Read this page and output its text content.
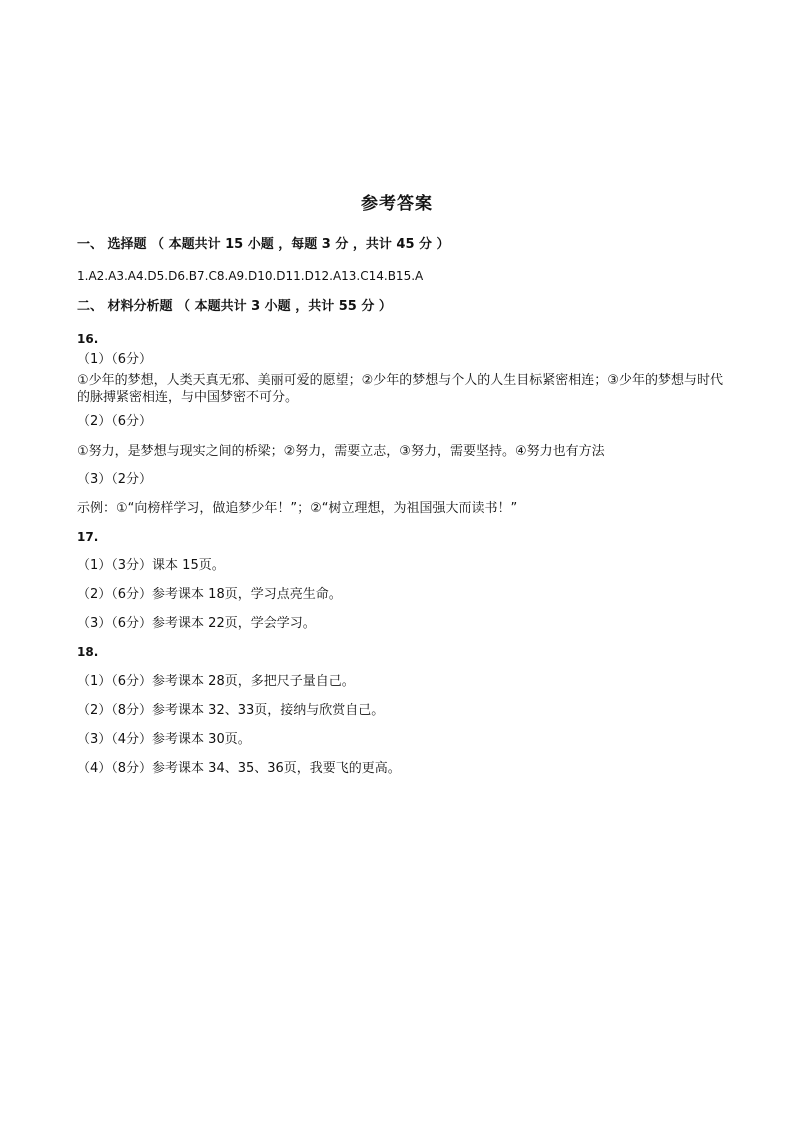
参考答案
一、 选择题 （ 本题共计 15 小题 ，每题 3 分 ，共计 45 分 ）
1.A2.A3.A4.D5.D6.B7.C8.A9.D10.D11.D12.A13.C14.B15.A
二、 材料分析题 （ 本题共计 3 小题 ，共计 55 分 ）
16.
（1）（6分）
①少年的梦想，人类天真无邪、美丽可爱的愿望；②少年的梦想与个人的人生目标紧密相连；③少年的梦想与时代的脉搏紧密相连，与中国梦密不可分。
（2）（6分）
①努力，是梦想与现实之间的桥梁；②努力，需要立志，③努力，需要坚持。④努力也有方法
（3）（2分）
示例：①“向榜样学习，做追梦少年！”；②“树立理想，为祖国强大而读书！”
17.
（1）（3分）课本 15页。
（2）（6分）参考课本 18页，学习点亮生命。
（3）（6分）参考课本 22页，学会学习。
18.
（1）（6分）参考课本 28页，多把尺子量自己。
（2）（8分）参考课本 32、33页，接纳与欣赏自己。
（3）（4分）参考课本 30页。
（4）（8分）参考课本 34、35、36页，我要飞的更高。
